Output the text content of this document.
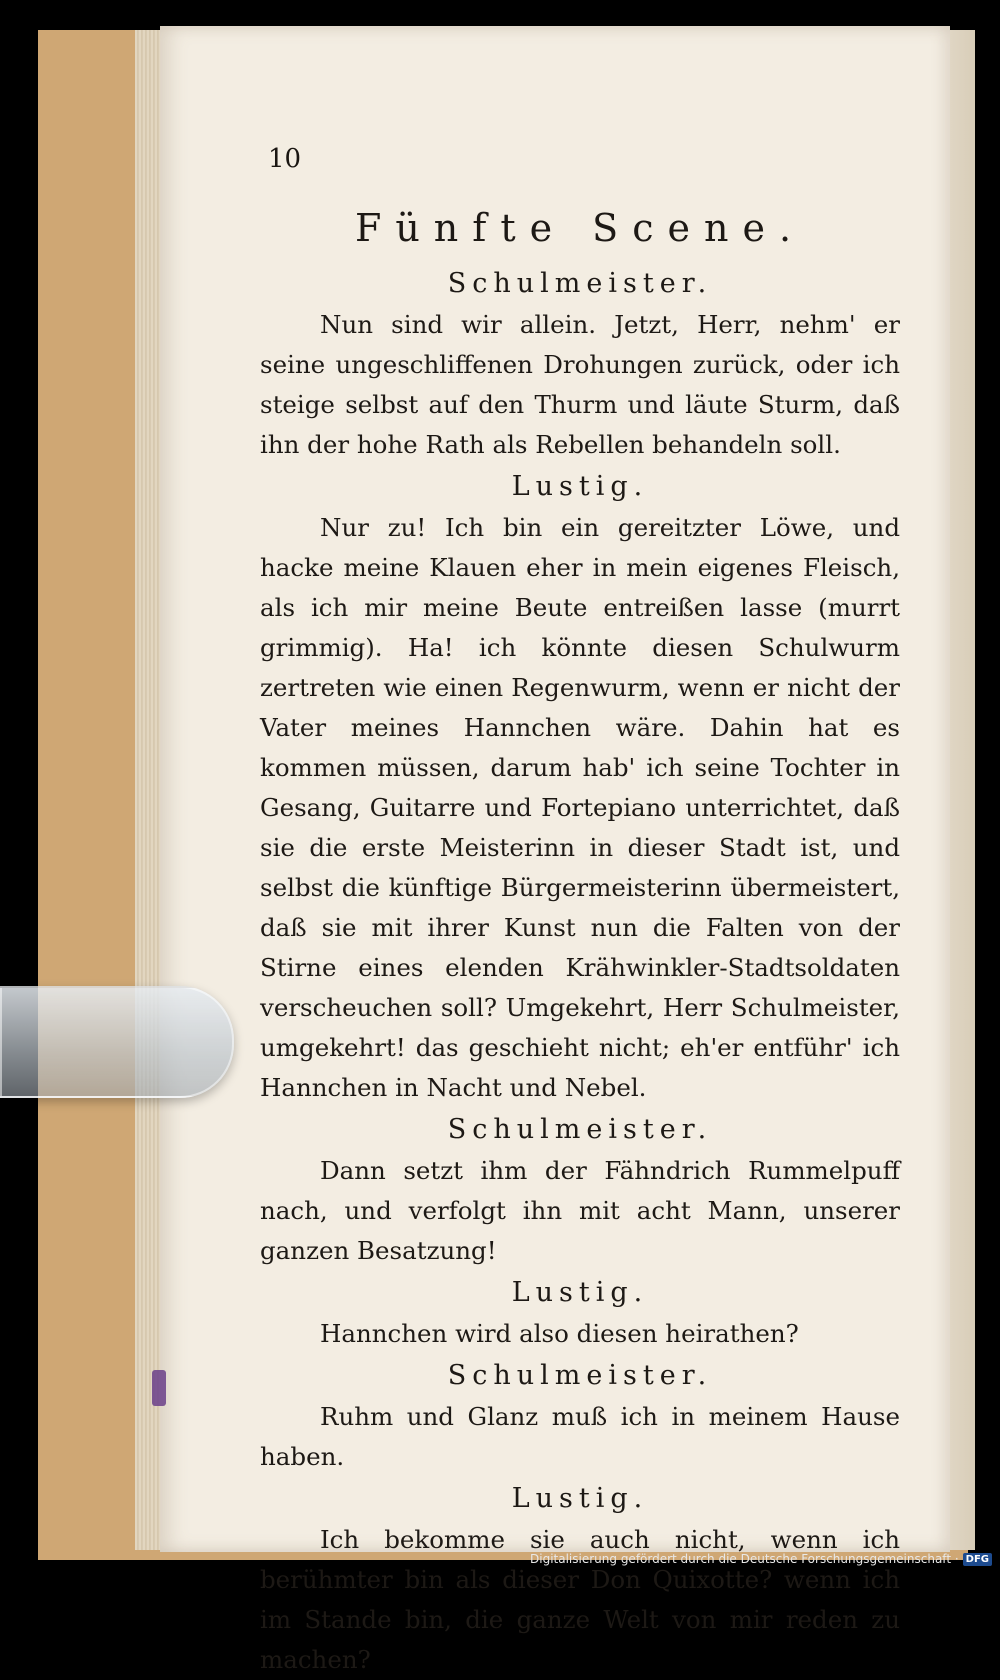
10
Fünfte Scene.
Schulmeister.

Nun sind wir allein. Jetzt, Herr, nehm' er seine ungeschliffenen Drohungen zurück, oder ich steige selbst auf den Thurm und läute Sturm, daß ihn der hohe Rath als Rebellen behandeln soll.

Lustig.

Nur zu! Ich bin ein gereitzter Löwe, und hacke meine Klauen eher in mein eigenes Fleisch, als ich mir meine Beute entreißen lasse (murrt grimmig). Ha! ich könnte diesen Schulwurm zertreten wie einen Regenwurm, wenn er nicht der Vater meines Hannchen wäre. Dahin hat es kommen müssen, darum hab' ich seine Tochter in Gesang, Guitarre und Fortepiano unterrichtet, daß sie die erste Meisterinn in dieser Stadt ist, und selbst die künftige Bürgermeisterinn übermeistert, daß sie mit ihrer Kunst nun die Falten von der Stirne eines elenden Krähwinkler-Stadtsoldaten verscheuchen soll? Umgekehrt, Herr Schulmeister, umgekehrt! das geschieht nicht; eh'er entführ' ich Hannchen in Nacht und Nebel.

Schulmeister.

Dann setzt ihm der Fähndrich Rummelpuff nach, und verfolgt ihn mit acht Mann, unserer ganzen Besatzung!

Lustig.

Hannchen wird also diesen heirathen?

Schulmeister.

Ruhm und Glanz muß ich in meinem Hause haben.

Lustig.

Ich bekomme sie auch nicht, wenn ich berühmter bin als dieser Don Quixotte? wenn ich im Stande bin, die ganze Welt von mir reden zu machen?

Digitalisierung gefördert durch die Deutsche Forschungsgemeinschaft · DFG
